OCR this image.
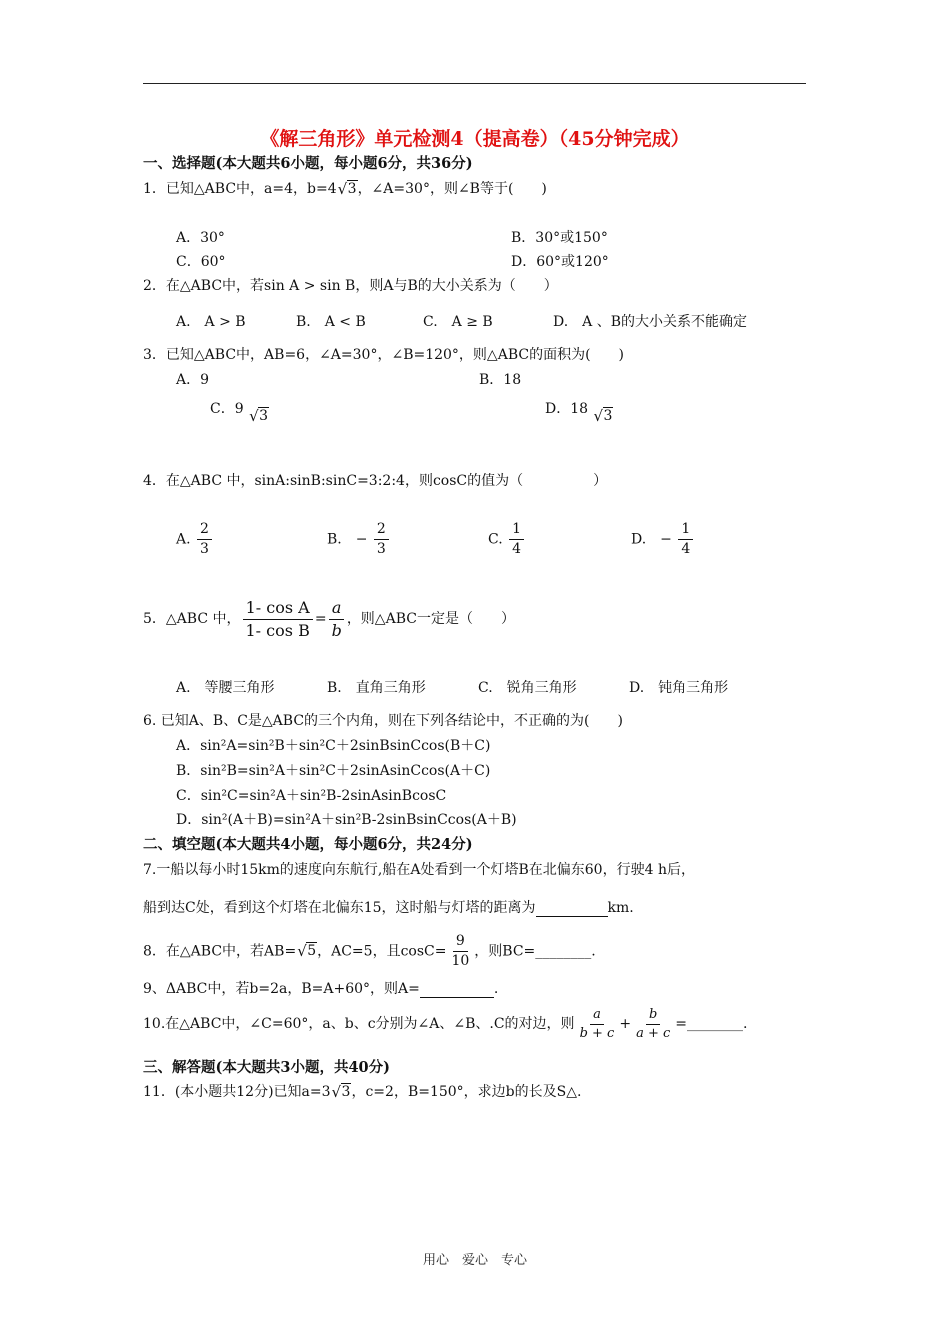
《解三角形》单元检测4（提高卷）（45分钟完成）
一、选择题(本大题共6小题，每小题6分，共36分)
1．已知△ABC中，a=4，b=4 √ 3，∠A=30°，则∠B等于(　　)
A．30°	B．30°或150°
C．60°	D．60°或120°
2．在△ABC中，若sin A > sin B，则A与B的大小关系为（　　）
A.　A > B	B.　A < B	C.　A ≥ B	D.　A 、B的大小关系不能确定
3．已知△ABC中，AB=6，∠A=30°，∠B=120°，则△ABC的面积为(　　)
A．9	B．18
C．9 √ 3	D．18 √ 3
4．在△ABC 中，sinA:sinB:sinC=3:2:4，则cosC的值为（　　　　　）
A. $\frac{2}{3}$	B.　− $\frac{2}{3}$	C. $\frac{1}{4}$	D.　− $\frac{1}{4}$
5．△ABC 中， $\frac{\text{1- cos A}}{\text{1- cos B}} = \frac{a}{b}$ ，则△ABC一定是（　　）
A.　等腰三角形	B.　直角三角形	C.　锐角三角形	D.　钝角三角形
6. 已知A、B、C是△ABC的三个内角，则在下列各结论中，不正确的为(　　)
A．sin²A=sin²B＋sin²C＋2sinBsinCcos(B＋C)
B．sin²B=sin²A＋sin²C＋2sinAsinCcos(A＋C)
C．sin²C=sin²A＋sin²B-2sinAsinBcosC
D．sin²(A＋B)=sin²A＋sin²B-2sinBsinCcos(A＋B)
二、填空题(本大题共4小题，每小题6分，共24分)
7.一船以每小时15km的速度向东航行,船在A处看到一个灯塔B在北偏东60，行驶4 h后，
船到达C处，看到这个灯塔在北偏东15，这时船与灯塔的距离为	km.
8．在△ABC中，若AB= √ 5，AC=5，且$\cos C= \frac{9}{10}$ ，则BC=________.
9、ΔABC中，若b=2a，B=A+60°，则A=	.
10.在△ABC中，∠C=60°，a、b、c分别为∠A、∠B、.C的对边，则 $\frac{a}{b + c} + \frac{b}{a + c}$ =________.
三、解答题(本大题共3小题，共40分)
11．(本小题共12分)已知a=3 √ 3，c=2，B=150°，求边b的长及S△.
用心　爱心　专心
